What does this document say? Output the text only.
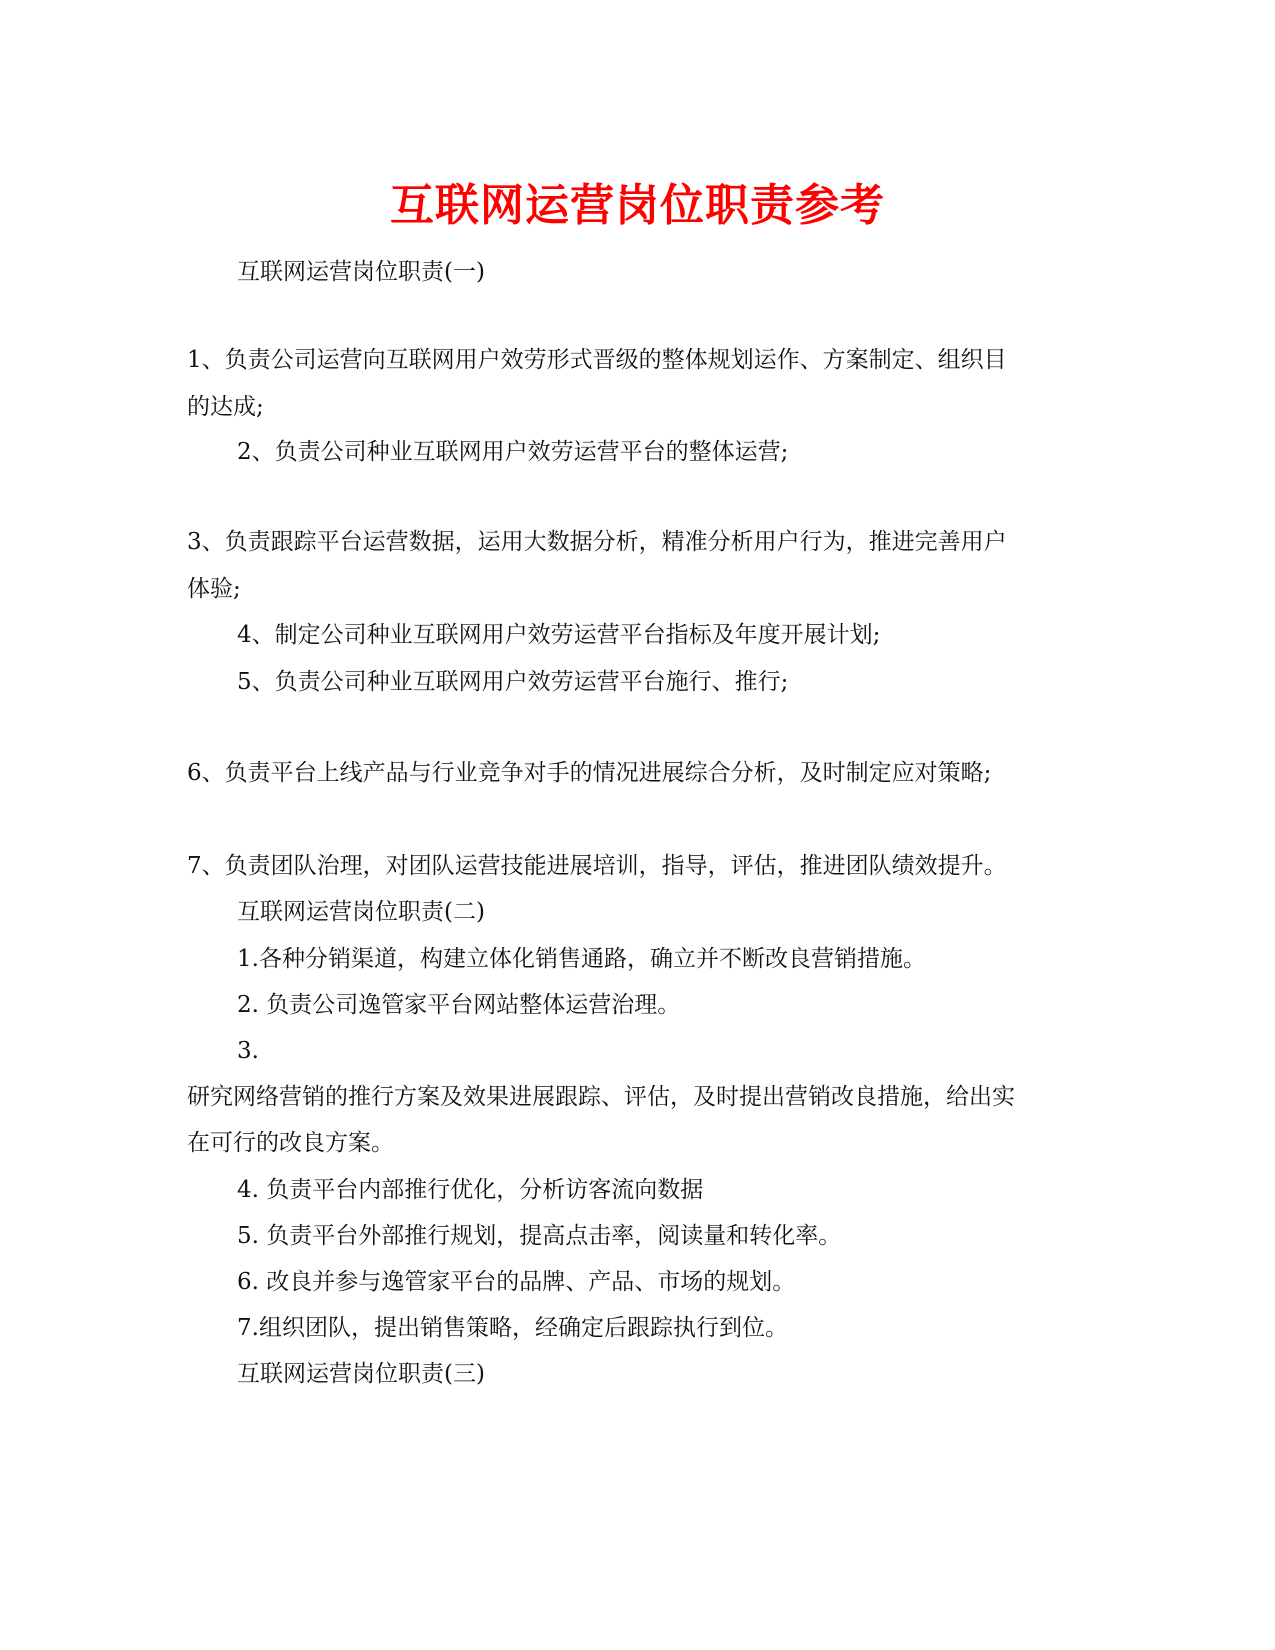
互联网运营岗位职责参考
互联网运营岗位职责(一)
1、负责公司运营向互联网用户效劳形式晋级的整体规划运作、方案制定、组织目
的达成;
2、负责公司种业互联网用户效劳运营平台的整体运营;
3、负责跟踪平台运营数据，运用大数据分析，精准分析用户行为，推进完善用户
体验;
4、制定公司种业互联网用户效劳运营平台指标及年度开展计划;
5、负责公司种业互联网用户效劳运营平台施行、推行;
6、负责平台上线产品与行业竞争对手的情况进展综合分析，及时制定应对策略;
7、负责团队治理，对团队运营技能进展培训，指导，评估，推进团队绩效提升。
互联网运营岗位职责(二)
1.各种分销渠道，构建立体化销售通路，确立并不断改良营销措施。
2. 负责公司逸管家平台网站整体运营治理。
3.
研究网络营销的推行方案及效果进展跟踪、评估，及时提出营销改良措施，给出实
在可行的改良方案。
4. 负责平台内部推行优化，分析访客流向数据
5. 负责平台外部推行规划，提高点击率，阅读量和转化率。
6. 改良并参与逸管家平台的品牌、产品、市场的规划。
7.组织团队，提出销售策略，经确定后跟踪执行到位。
互联网运营岗位职责(三)
